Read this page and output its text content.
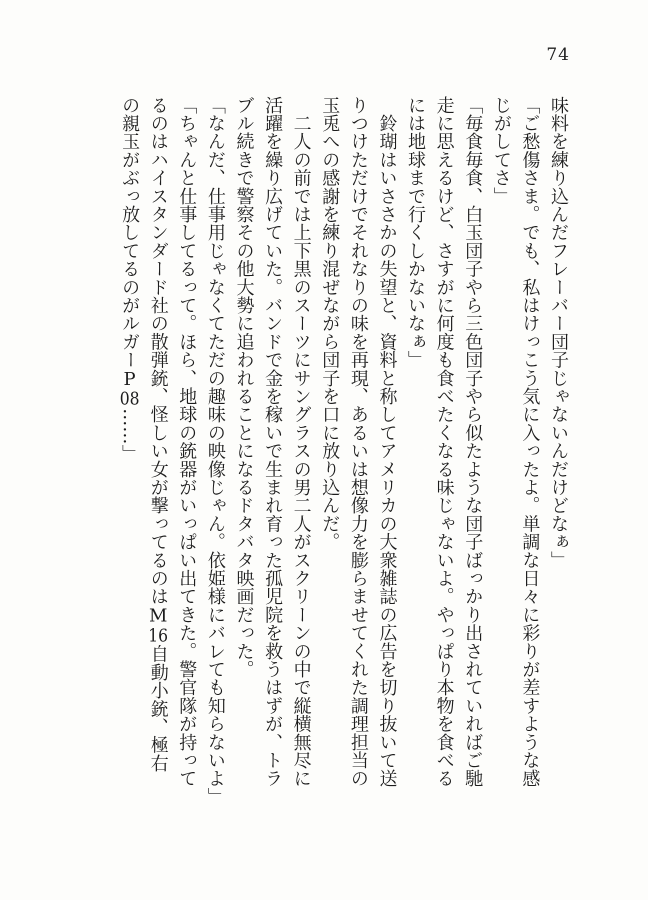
74

味料を練り込んだフレーバー団子じゃないんだけどなぁ」

「ご愁傷さま。でも、私はけっこう気に入ったよ。単調な日々に彩りが差すような感
じがしてさ」

「毎食毎食、白玉団子やら三色団子やら似たような団子ばっかり出されていればご馳
走に思えるけど、さすがに何度も食べたくなる味じゃないよ。やっぱり本物を食べる
には地球まで行くしかないなぁ」

　鈴瑚はいささかの失望と、資料と称してアメリカの大衆雑誌の広告を切り抜いて送
りつけただけでそれなりの味を再現、あるいは想像力を膨らませてくれた調理担当の
玉兎への感謝を練り混ぜながら団子を口に放り込んだ。

　二人の前では上下黒のスーツにサングラスの男二人がスクリーンの中で縦横無尽に
活躍を繰り広げていた。バンドで金を稼いで生まれ育った孤児院を救うはずが、トラ
ブル続きで警察その他大勢に追われることになるドタバタ映画だった。

「なんだ、仕事用じゃなくてただの趣味の映像じゃん。依姫様にバレても知らないよ」

「ちゃんと仕事してるって。ほら、地球の銃器がいっぱい出てきた。警官隊が持って
るのはハイスタンダード社の散弾銃、怪しい女が撃ってるのはM16自動小銃、極右
の親玉がぶっ放してるのがルガーP08……」
